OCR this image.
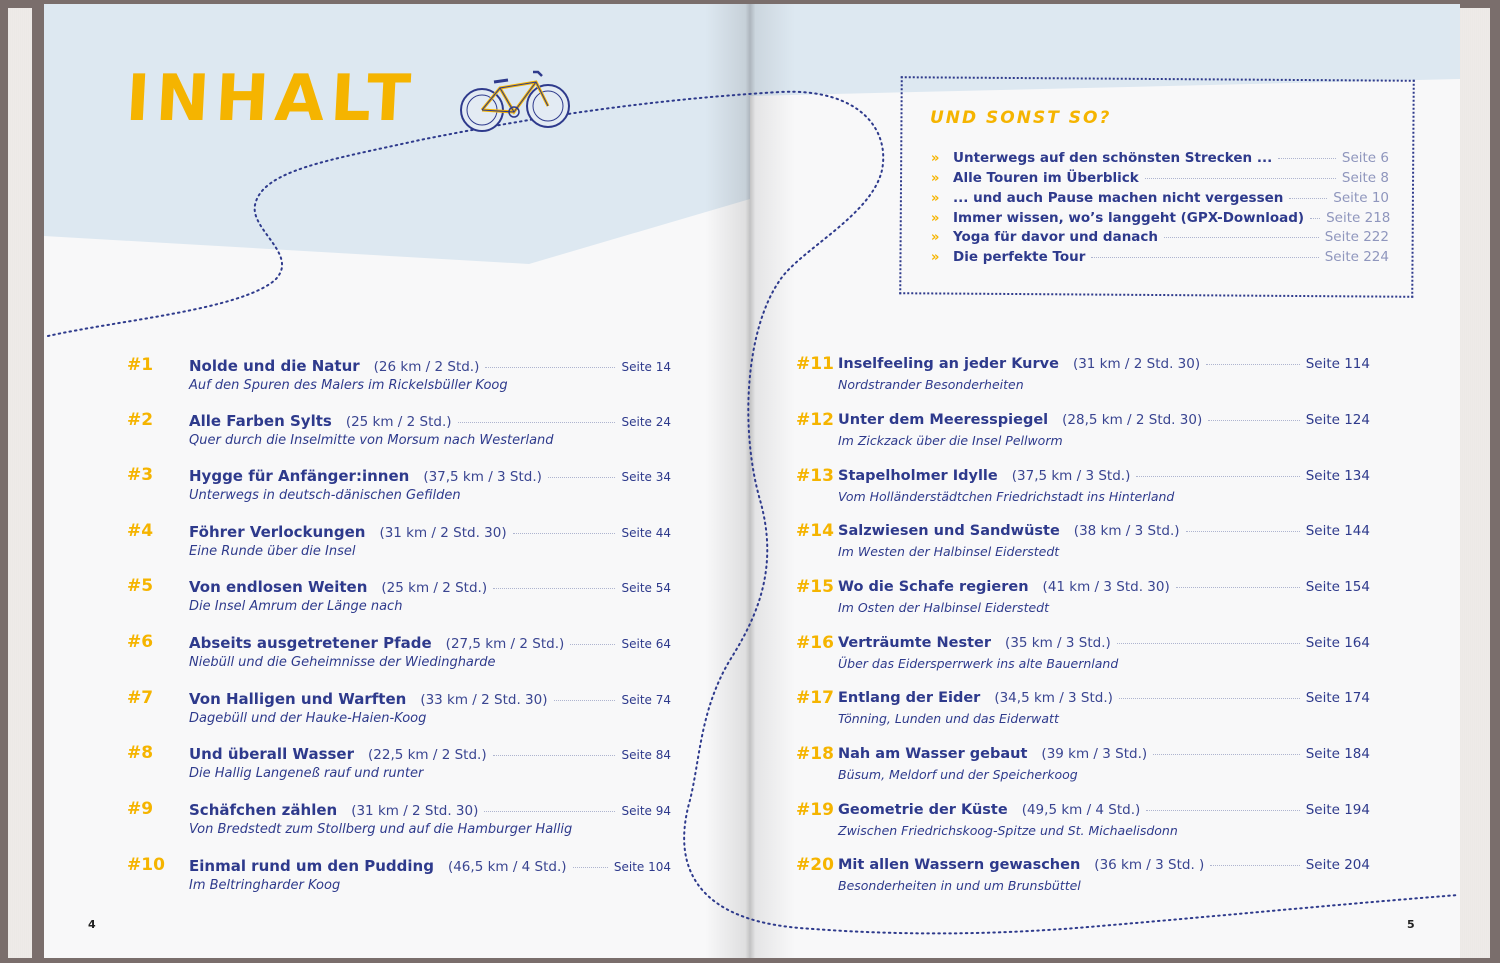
INHALT	UND SONST SO?
»	Unterwegs auf den schönsten Strecken ...	Seite 6
»	Alle Touren im Überblick	Seite 8
»	... und auch Pause machen nicht vergessen	Seite 10
»	Immer wissen, wo’s langgeht (GPX-Download) Seite 218
»	Yoga für davor und danach	Seite 222
»	Die perfekte Tour	Seite 224
#1 Nolde und die Natur (26 km / 2 Std.)	Seite 14
Auf den Spuren des Malers im Rickelsbüller Koog
#2 Alle Farben Sylts (25 km / 2 Std.)	Seite 24
Quer durch die Inselmitte von Morsum nach Westerland
#3 Hygge für Anfänger:innen (37,5 km / 3 Std.)	Seite 34
Unterwegs in deutsch-dänischen Gefilden
#4 Föhrer Verlockungen (31 km / 2 Std. 30)	Seite 44
Eine Runde über die Insel
#5 Von endlosen Weiten (25 km / 2 Std.)	Seite 54
Die Insel Amrum der Länge nach
#6 Abseits ausgetretener Pfade (27,5 km / 2 Std.)	Seite 64
Niebüll und die Geheimnisse der Wiedingharde
#7 Von Halligen und Warften (33 km / 2 Std. 30)	Seite 74
Dagebüll und der Hauke-Haien-Koog
#8 Und überall Wasser (22,5 km / 2 Std.)	Seite 84
Die Hallig Langeneß rauf und runter
#9 Schäfchen zählen (31 km / 2 Std. 30)	Seite 94
Von Bredstedt zum Stollberg und auf die Hamburger Hallig
#10 Einmal rund um den Pudding (46,5 km / 4 Std.)	Seite 104
Im Beltringharder Koog
#11 Inselfeeling an jeder Kurve (31 km / 2 Std. 30)	Seite 114
Nordstrander Besonderheiten
#12 Unter dem Meeresspiegel (28,5 km / 2 Std. 30)	Seite 124
Im Zickzack über die Insel Pellworm
#13 Stapelholmer Idylle (37,5 km / 3 Std.)	Seite 134
Vom Holländerstädtchen Friedrichstadt ins Hinterland
#14 Salzwiesen und Sandwüste (38 km / 3 Std.)	Seite 144
Im Westen der Halbinsel Eiderstedt
#15 Wo die Schafe regieren (41 km / 3 Std. 30)	Seite 154
Im Osten der Halbinsel Eiderstedt
#16 Verträumte Nester (35 km / 3 Std.)	Seite 164
Über das Eidersperrwerk ins alte Bauernland
#17 Entlang der Eider (34,5 km / 3 Std.)	Seite 174
Tönning, Lunden und das Eiderwatt
#18 Nah am Wasser gebaut (39 km / 3 Std.)	Seite 184
Büsum, Meldorf und der Speicherkoog
#19 Geometrie der Küste (49,5 km / 4 Std.)	Seite 194
Zwischen Friedrichskoog-Spitze und St. Michaelisdonn
#20 Mit allen Wassern gewaschen (36 km / 3 Std. )	Seite 204
Besonderheiten in und um Brunsbüttel
4	5
